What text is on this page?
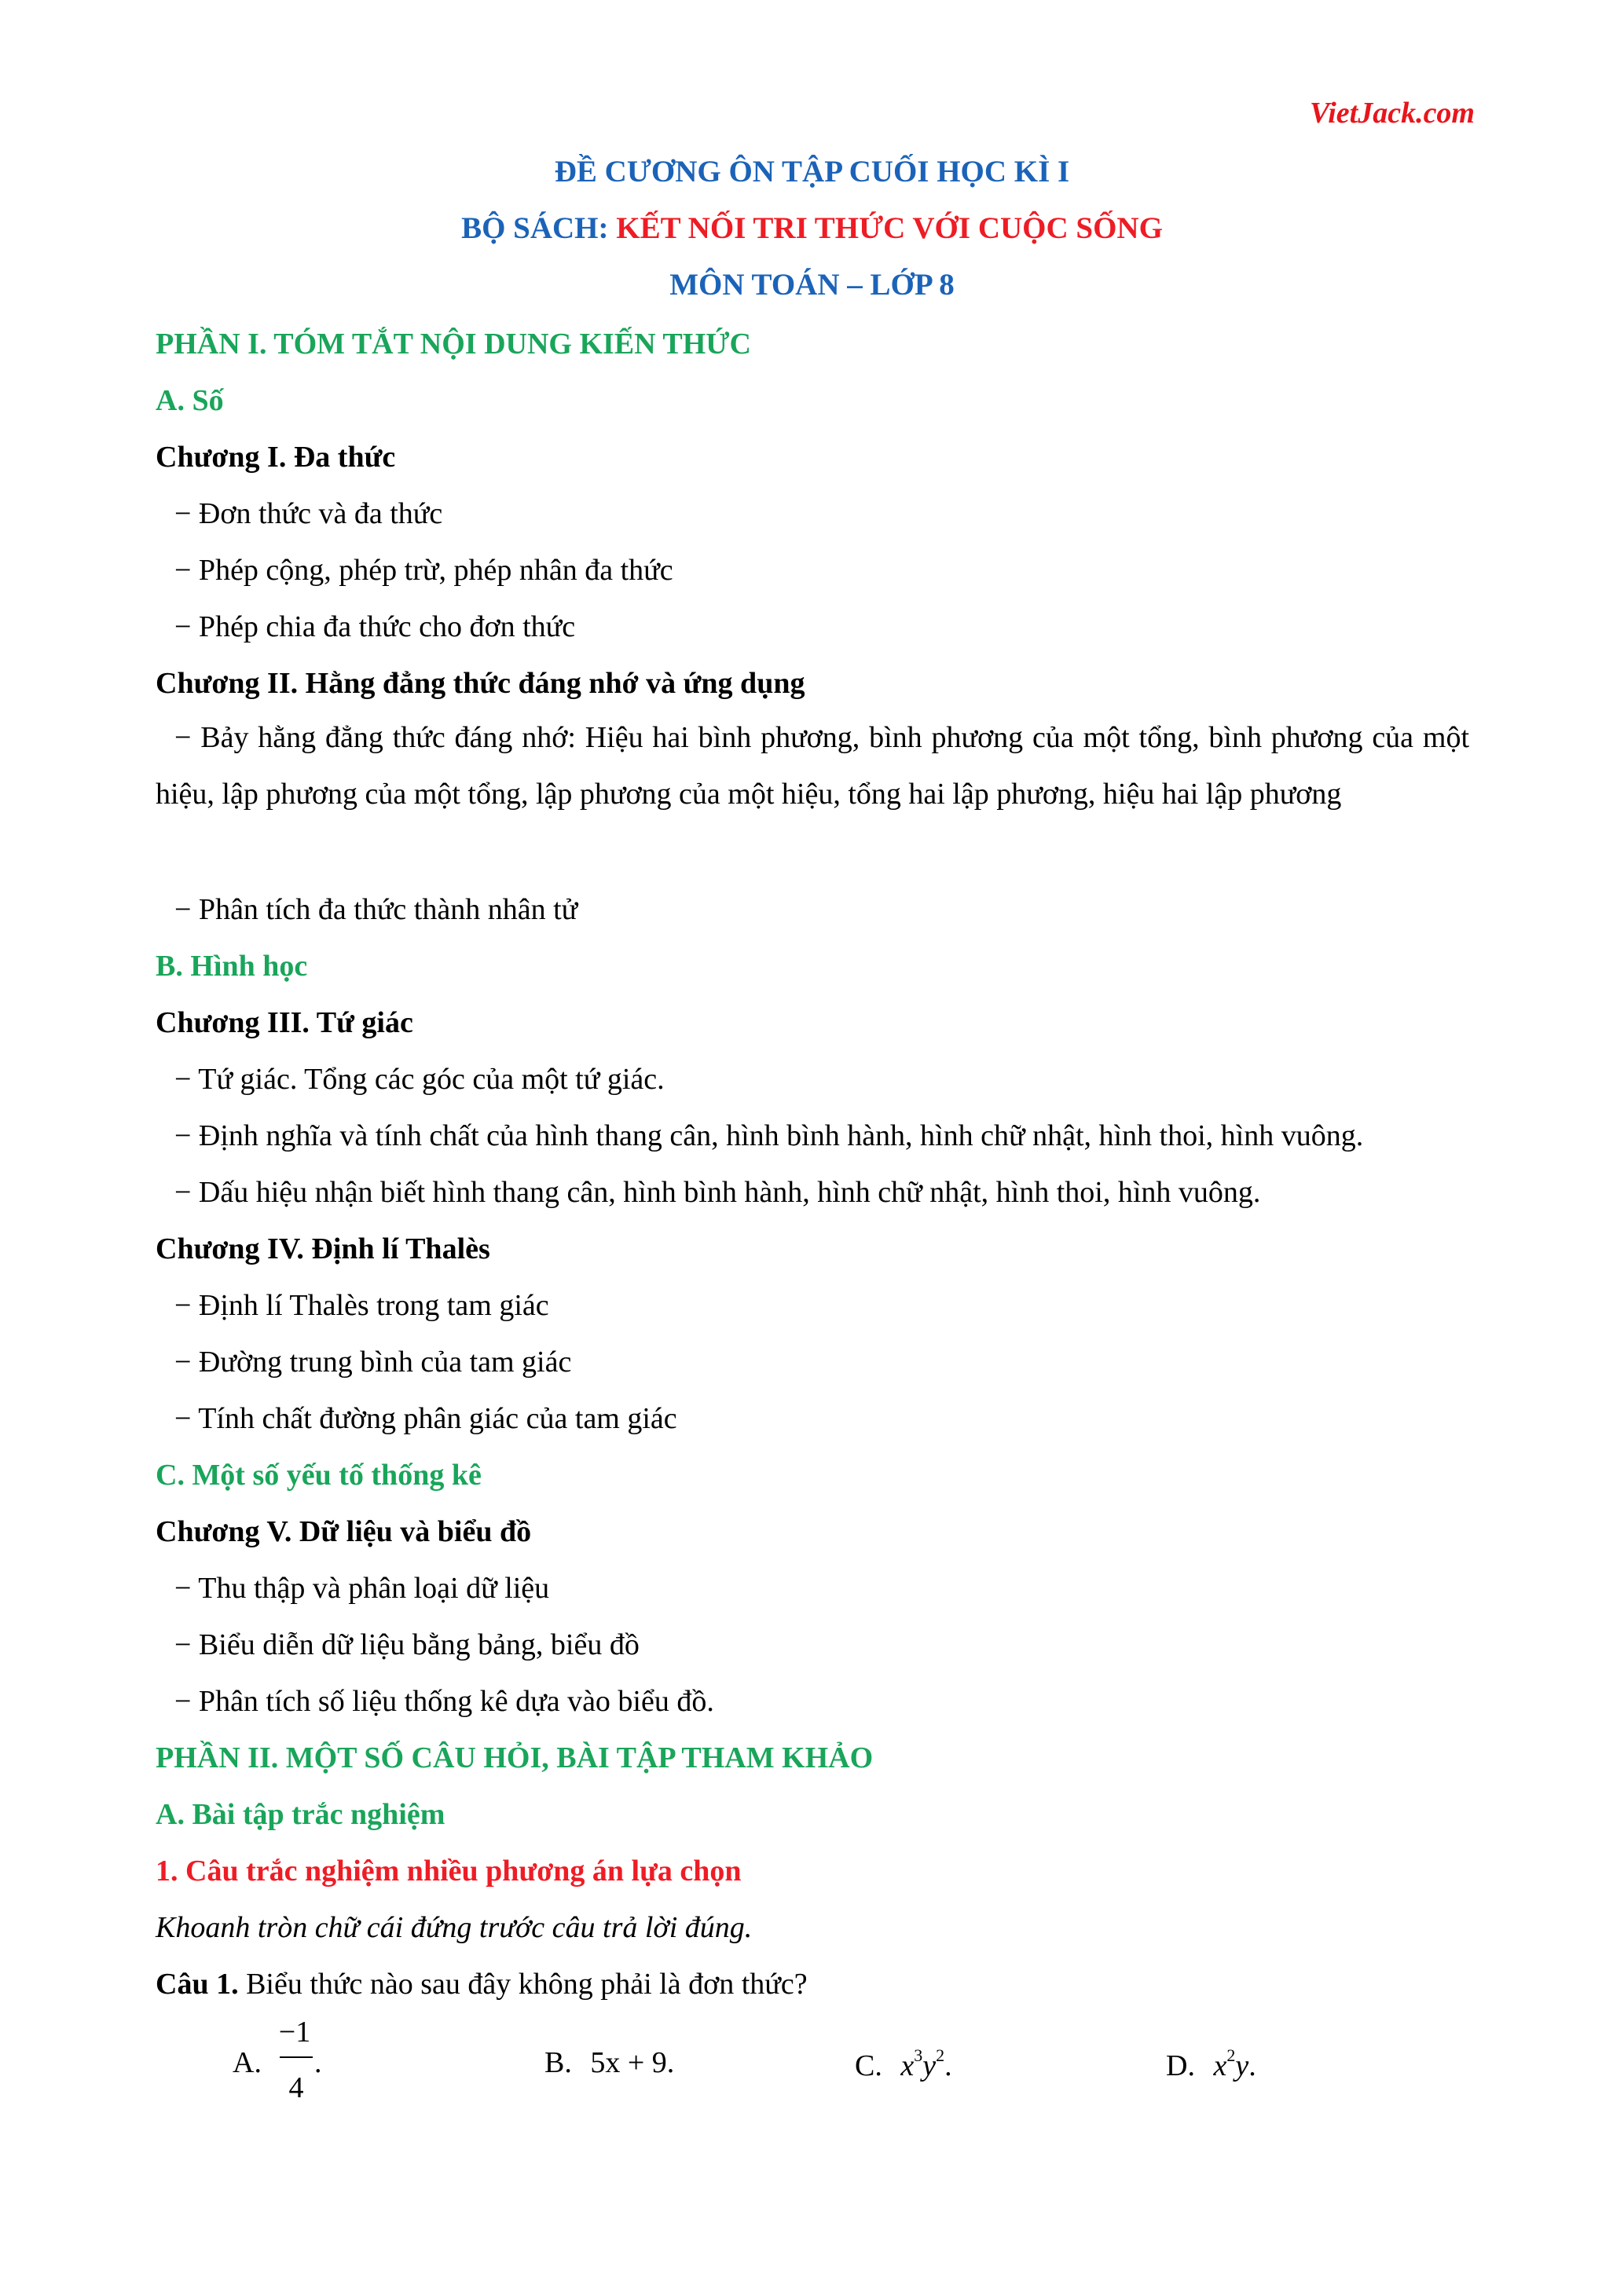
VietJack.com
ĐỀ CƯƠNG ÔN TẬP CUỐI HỌC KÌ I
BỘ SÁCH: KẾT NỐI TRI THỨC VỚI CUỘC SỐNG
MÔN TOÁN – LỚP 8
PHẦN I. TÓM TẮT NỘI DUNG KIẾN THỨC
A. Số
Chương I. Đa thức
− Đơn thức và đa thức
− Phép cộng, phép trừ, phép nhân đa thức
− Phép chia đa thức cho đơn thức
Chương II. Hằng đẳng thức đáng nhớ và ứng dụng
− Bảy hằng đẳng thức đáng nhớ: Hiệu hai bình phương, bình phương của một tổng, bình phương của một hiệu, lập phương của một tổng, lập phương của một hiệu, tổng hai lập phương, hiệu hai lập phương
− Phân tích đa thức thành nhân tử
B. Hình học
Chương III. Tứ giác
− Tứ giác. Tổng các góc của một tứ giác.
− Định nghĩa và tính chất của hình thang cân, hình bình hành, hình chữ nhật, hình thoi, hình vuông.
− Dấu hiệu nhận biết hình thang cân, hình bình hành, hình chữ nhật, hình thoi, hình vuông.
Chương IV. Định lí Thalès
− Định lí Thalès trong tam giác
− Đường trung bình của tam giác
− Tính chất đường phân giác của tam giác
C. Một số yếu tố thống kê
Chương V. Dữ liệu và biểu đồ
− Thu thập và phân loại dữ liệu
− Biểu diễn dữ liệu bằng bảng, biểu đồ
− Phân tích số liệu thống kê dựa vào biểu đồ.
PHẦN II. MỘT SỐ CÂU HỎI, BÀI TẬP THAM KHẢO
A. Bài tập trắc nghiệm
1. Câu trắc nghiệm nhiều phương án lựa chọn
Khoanh tròn chữ cái đứng trước câu trả lời đúng.
Câu 1. Biểu thức nào sau đây không phải là đơn thức?
A.
−1
4
.	B. 5x + 9.	C. $x^3y^2$.	D. $x^2y$.
